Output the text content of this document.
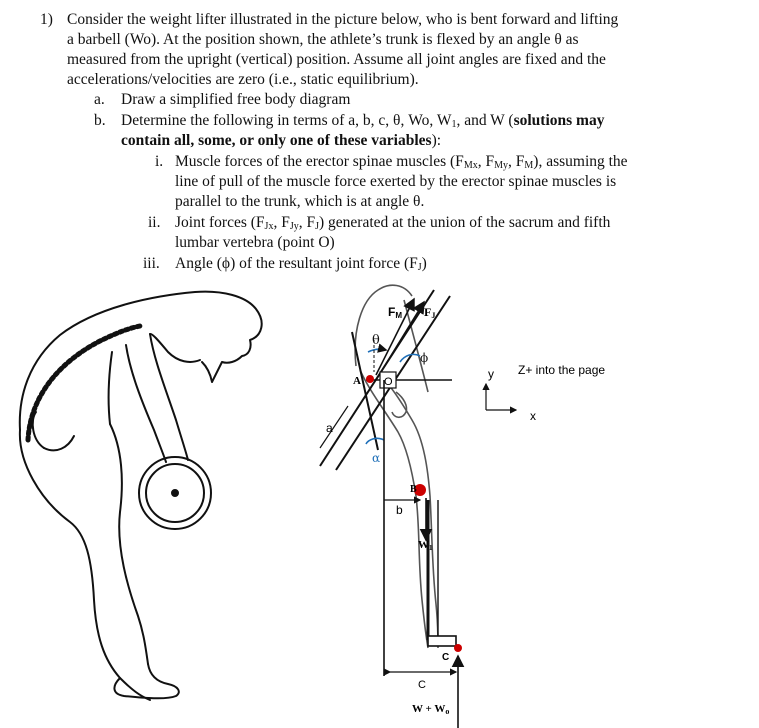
1) Consider the weight lifter illustrated in the picture below, who is bent forward and lifting
a barbell (Wo). At the position shown, the athlete’s trunk is flexed by an angle θ as
measured from the upright (vertical) position. Assume all joint angles are fixed and the
accelerations/velocities are zero (i.e., static equilibrium).
a. Draw a simplified free body diagram
b. Determine the following in terms of a, b, c, θ, Wo, $W_1$, and W (solutions may
contain all, some, or only one of these variables):
i. Muscle forces of the erector spinae muscles ($F_{Mx}$, $F_{My}$, $F_M$), assuming the
line of pull of the muscle force exerted by the erector spinae muscles is
parallel to the trunk, which is at angle θ.
ii. Joint forces ($F_{Jx}$, $F_{Jy}$, $F_J$) generated at the union of the sacrum and fifth
lumbar vertebra (point O)
iii. Angle (ϕ) of the resultant joint force $(F_J)$
FM FJ
θ
ϕ
A O
a
α
B
b
W1
C
C
W + Wo
y
x
Z+ into the page
